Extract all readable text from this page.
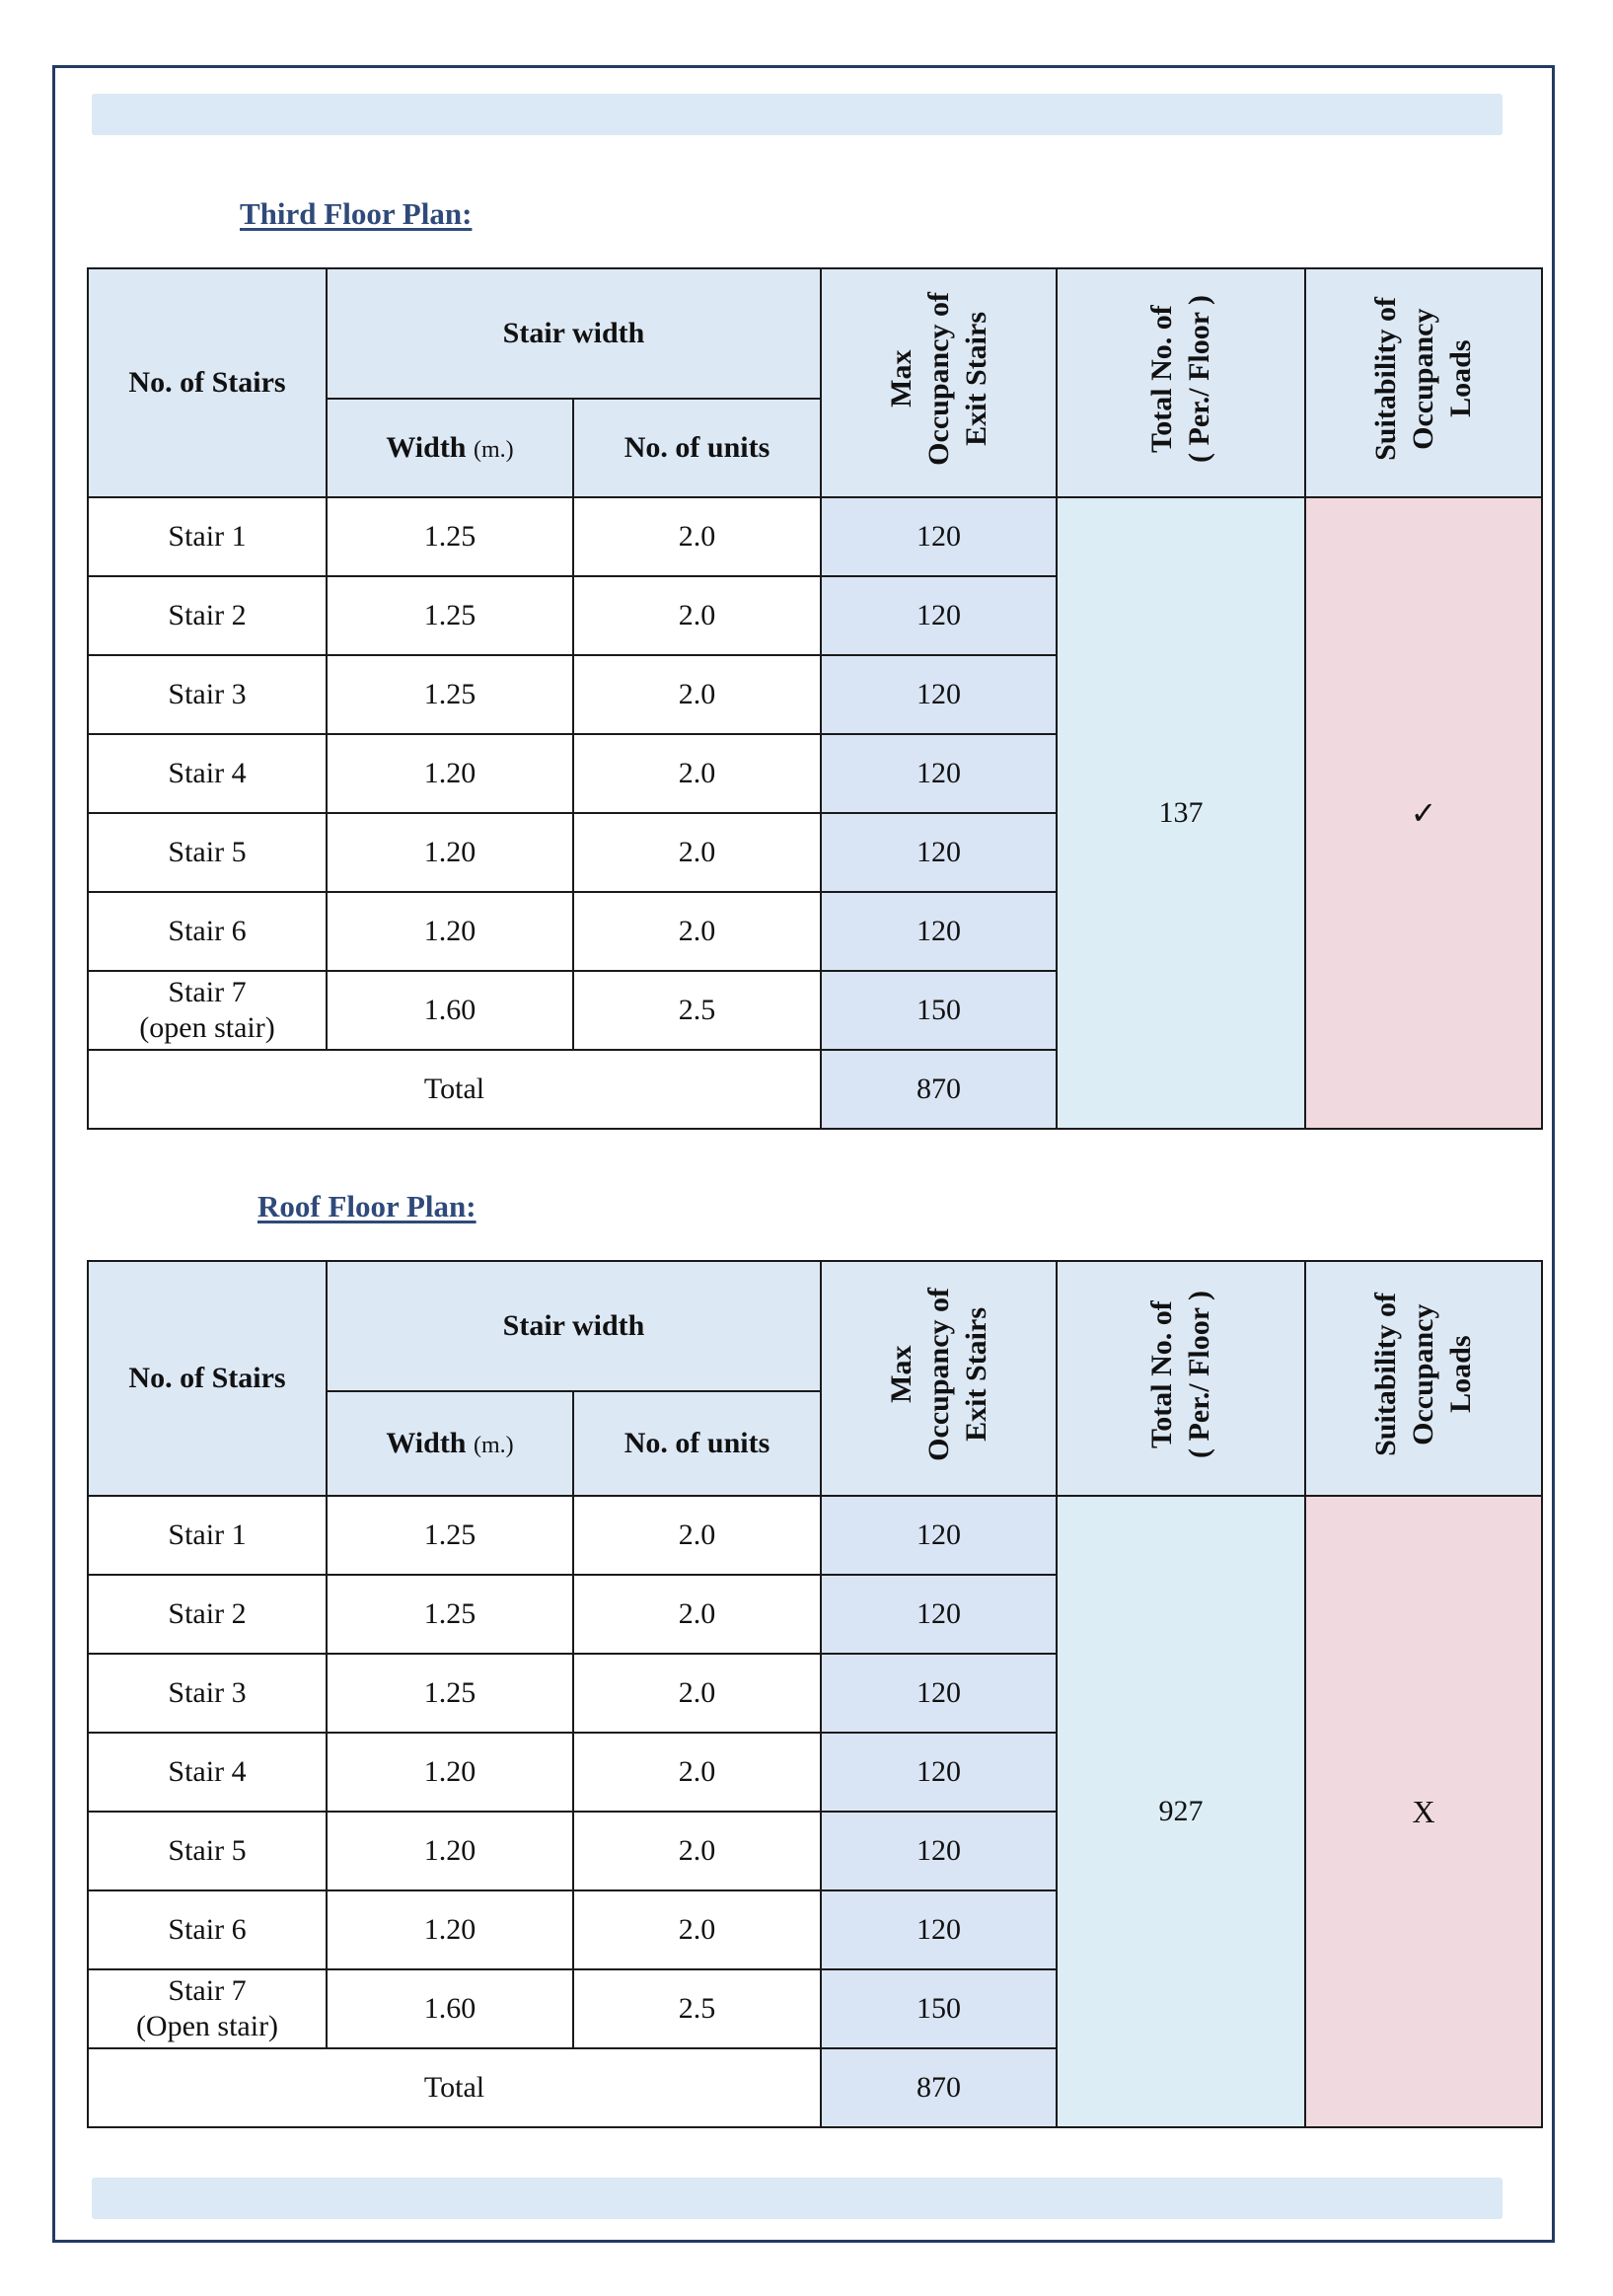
Third Floor Plan:
No. of Stairs	Stair width		Max Occupancy of Exit Stairs	Total No. of ( Per./ Floor )	Suitability of Occupancy Loads
	Width (m.)	No. of units			
Stair 1	1.25	2.0	120	137	✓
Stair 2	1.25	2.0	120		
Stair 3	1.25	2.0	120		
Stair 4	1.20	2.0	120		
Stair 5	1.20	2.0	120		
Stair 6	1.20	2.0	120		
Stair 7
(open stair)	1.60	2.5	150		
Total			870		
Roof Floor Plan:
No. of Stairs	Stair width		Max Occupancy of Exit Stairs	Total No. of ( Per./ Floor )	Suitability of Occupancy Loads
	Width (m.)	No. of units			
Stair 1	1.25	2.0	120	927	X
Stair 2	1.25	2.0	120		
Stair 3	1.25	2.0	120		
Stair 4	1.20	2.0	120		
Stair 5	1.20	2.0	120		
Stair 6	1.20	2.0	120		
Stair 7
(Open stair)	1.60	2.5	150		
Total			870		
